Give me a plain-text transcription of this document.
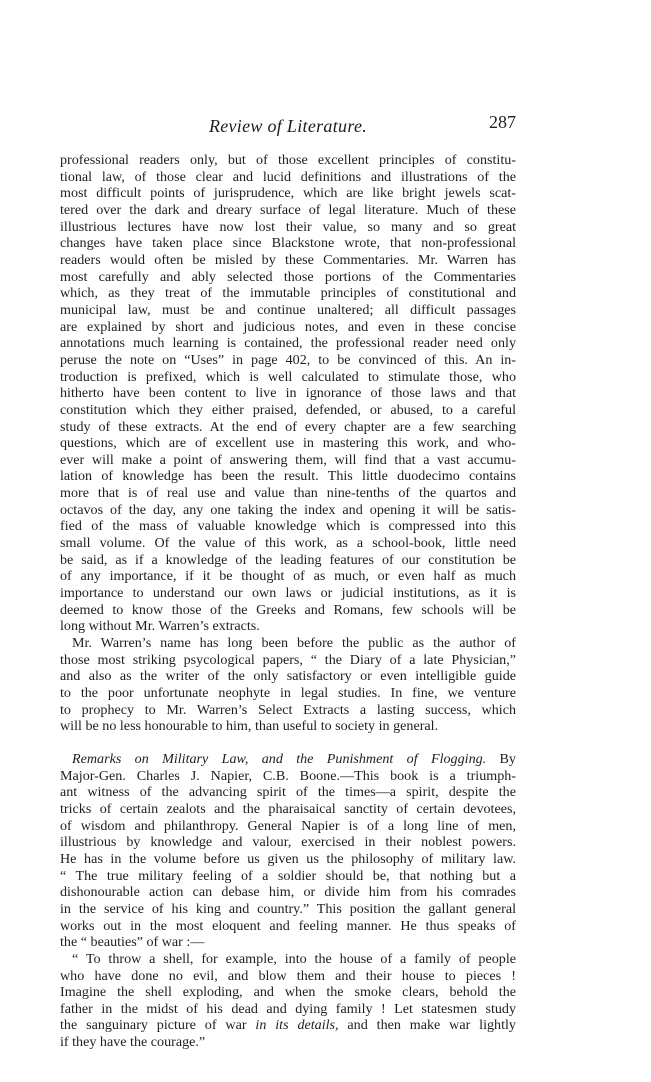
Review of Literature.	287

professional readers only, but of those excellent principles of constitu-
tional law, of those clear and lucid definitions and illustrations of the
most difficult points of jurisprudence, which are like bright jewels scat-
tered over the dark and dreary surface of legal literature. Much of these
illustrious lectures have now lost their value, so many and so great
changes have taken place since Blackstone wrote, that non-professional
readers would often be misled by these Commentaries. Mr. Warren has
most carefully and ably selected those portions of the Commentaries
which, as they treat of the immutable principles of constitutional and
municipal law, must be and continue unaltered; all difficult passages
are explained by short and judicious notes, and even in these concise
annotations much learning is contained, the professional reader need only
peruse the note on “Uses” in page 402, to be convinced of this. An in-
troduction is prefixed, which is well calculated to stimulate those, who
hitherto have been content to live in ignorance of those laws and that
constitution which they either praised, defended, or abused, to a careful
study of these extracts. At the end of every chapter are a few searching
questions, which are of excellent use in mastering this work, and who-
ever will make a point of answering them, will find that a vast accumu-
lation of knowledge has been the result. This little duodecimo contains
more that is of real use and value than nine-tenths of the quartos and
octavos of the day, any one taking the index and opening it will be satis-
fied of the mass of valuable knowledge which is compressed into this
small volume. Of the value of this work, as a school-book, little need
be said, as if a knowledge of the leading features of our constitution be
of any importance, if it be thought of as much, or even half as much
importance to understand our own laws or judicial institutions, as it is
deemed to know those of the Greeks and Romans, few schools will be
long without Mr. Warren’s extracts.

Mr. Warren’s name has long been before the public as the author of
those most striking psycological papers, “ the Diary of a late Physician,”
and also as the writer of the only satisfactory or even intelligible guide
to the poor unfortunate neophyte in legal studies. In fine, we venture
to prophecy to Mr. Warren’s Select Extracts a lasting success, which
will be no less honourable to him, than useful to society in general.

Remarks on Military Law, and the Punishment of Flogging. By
Major-Gen. Charles J. Napier, C.B. Boone.—This book is a triumph-
ant witness of the advancing spirit of the times—a spirit, despite the
tricks of certain zealots and the pharaisaical sanctity of certain devotees,
of wisdom and philanthropy. General Napier is of a long line of men,
illustrious by knowledge and valour, exercised in their noblest powers.
He has in the volume before us given us the philosophy of military law.
“ The true military feeling of a soldier should be, that nothing but a
dishonourable action can debase him, or divide him from his comrades
in the service of his king and country.” This position the gallant general
works out in the most eloquent and feeling manner. He thus speaks of
the “ beauties” of war :—

“ To throw a shell, for example, into the house of a family of people
who have done no evil, and blow them and their house to pieces !
Imagine the shell exploding, and when the smoke clears, behold the
father in the midst of his dead and dying family ! Let statesmen study
the sanguinary picture of war in its details, and then make war lightly
if they have the courage.”
